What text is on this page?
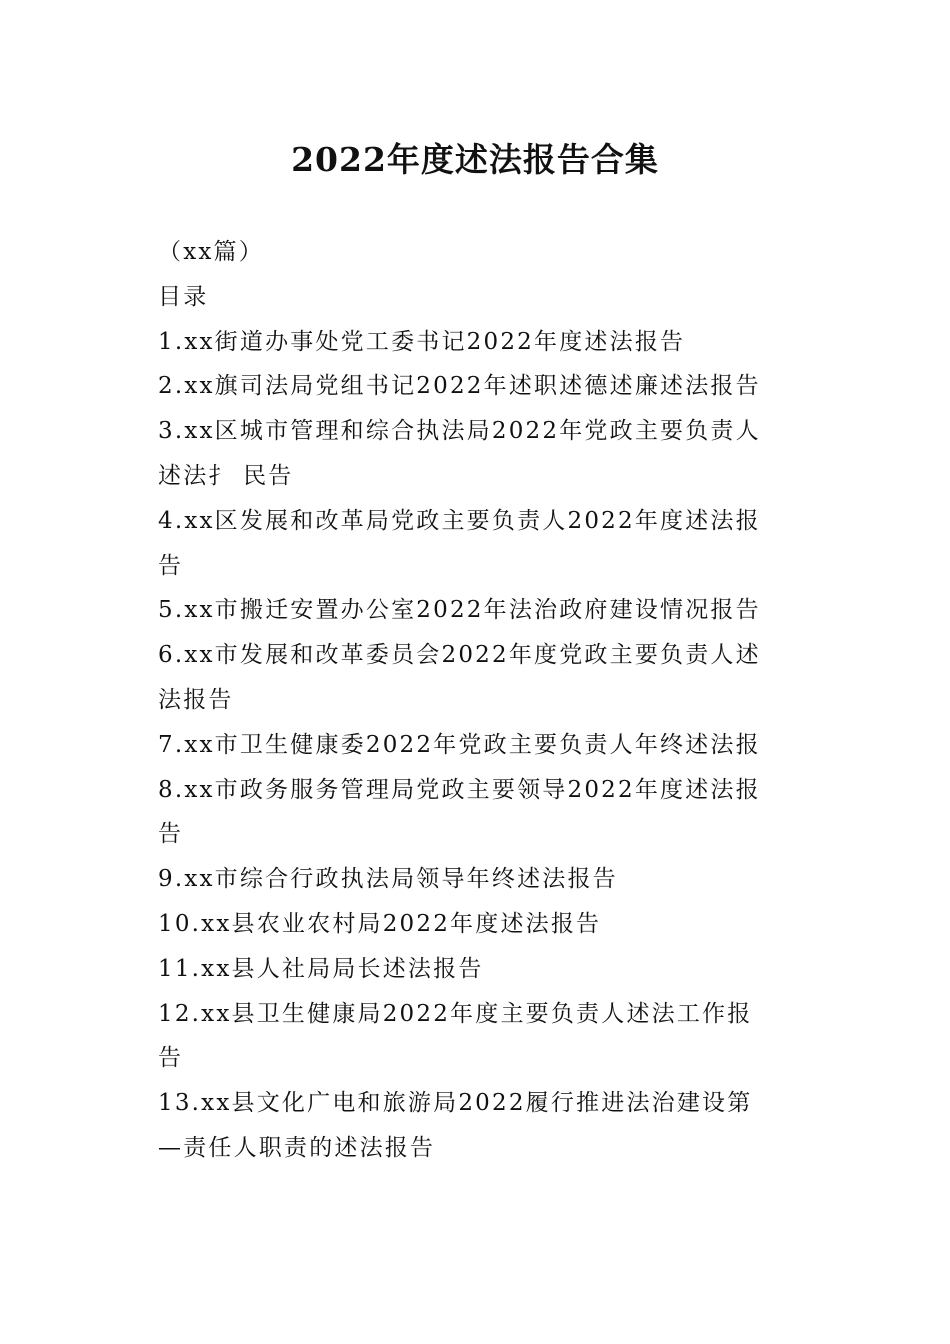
2022年度述法报告合集
（xx篇）
目录
1.xx街道办事处党工委书记2022年度述法报告
2.xx旗司法局党组书记2022年述职述德述廉述法报告
3.xx区城市管理和综合执法局2022年党政主要负责人
述法扌 民告
4.xx区发展和改革局党政主要负责人2022年度述法报
告
5.xx市搬迁安置办公室2022年法治政府建设情况报告
6.xx市发展和改革委员会2022年度党政主要负责人述
法报告
7.xx市卫生健康委2022年党政主要负责人年终述法报
8.xx市政务服务管理局党政主要领导2022年度述法报
告
9.xx市综合行政执法局领导年终述法报告
10.xx县农业农村局2022年度述法报告
11.xx县人社局局长述法报告
12.xx县卫生健康局2022年度主要负责人述法工作报
告
13.xx县文化广电和旅游局2022履行推进法治建设第
—责任人职责的述法报告
